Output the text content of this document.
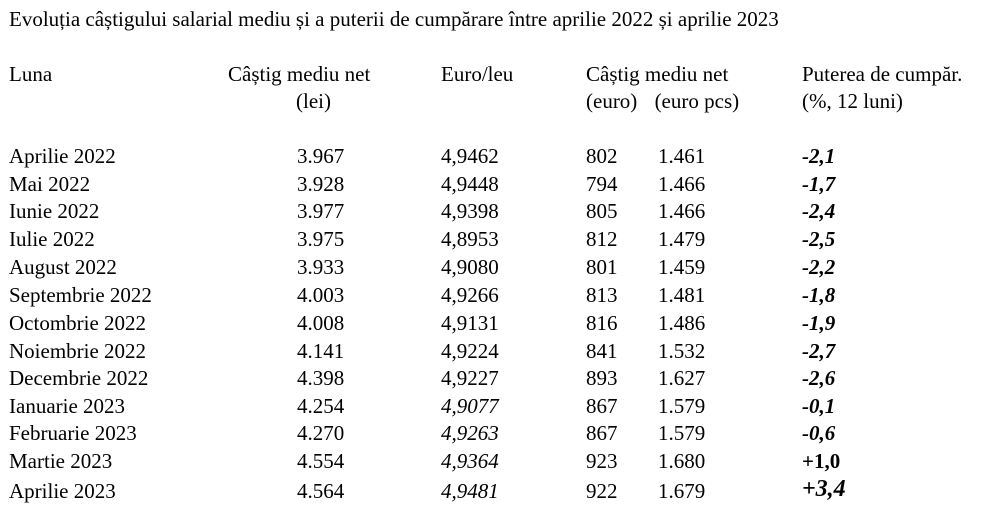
Evoluția câștigului salarial mediu și a puterii de cumpărare între aprilie 2022 și aprilie 2023
Luna	Câștig mediu net
(lei)
Euro/leu	Câștig mediu net
(euro) (euro pcs)
Puterea de cumpăr.
(%, 12 luni)
Aprilie 2022	3.967	4,9462	802 1.461	-2,1
Mai 2022	3.928	4,9448	794 1.466	-1,7
Iunie 2022	3.977	4,9398	805 1.466	-2,4
Iulie 2022	3.975	4,8953	812 1.479	-2,5
August 2022	3.933	4,9080	801 1.459	-2,2
Septembrie 2022	4.003	4,9266	813 1.481	-1,8
Octombrie 2022	4.008	4,9131	816 1.486	-1,9
Noiembrie 2022	4.141	4,9224	841 1.532	-2,7
Decembrie 2022	4.398	4,9227	893 1.627	-2,6
Ianuarie 2023	4.254	4,9077	867 1.579	-0,1
Februarie 2023	4.270	4,9263	867 1.579	-0,6
Martie 2023	4.554	4,9364	923 1.680	+1,0
Aprilie 2023	4.564	4,9481	922 1.679	+3,4
